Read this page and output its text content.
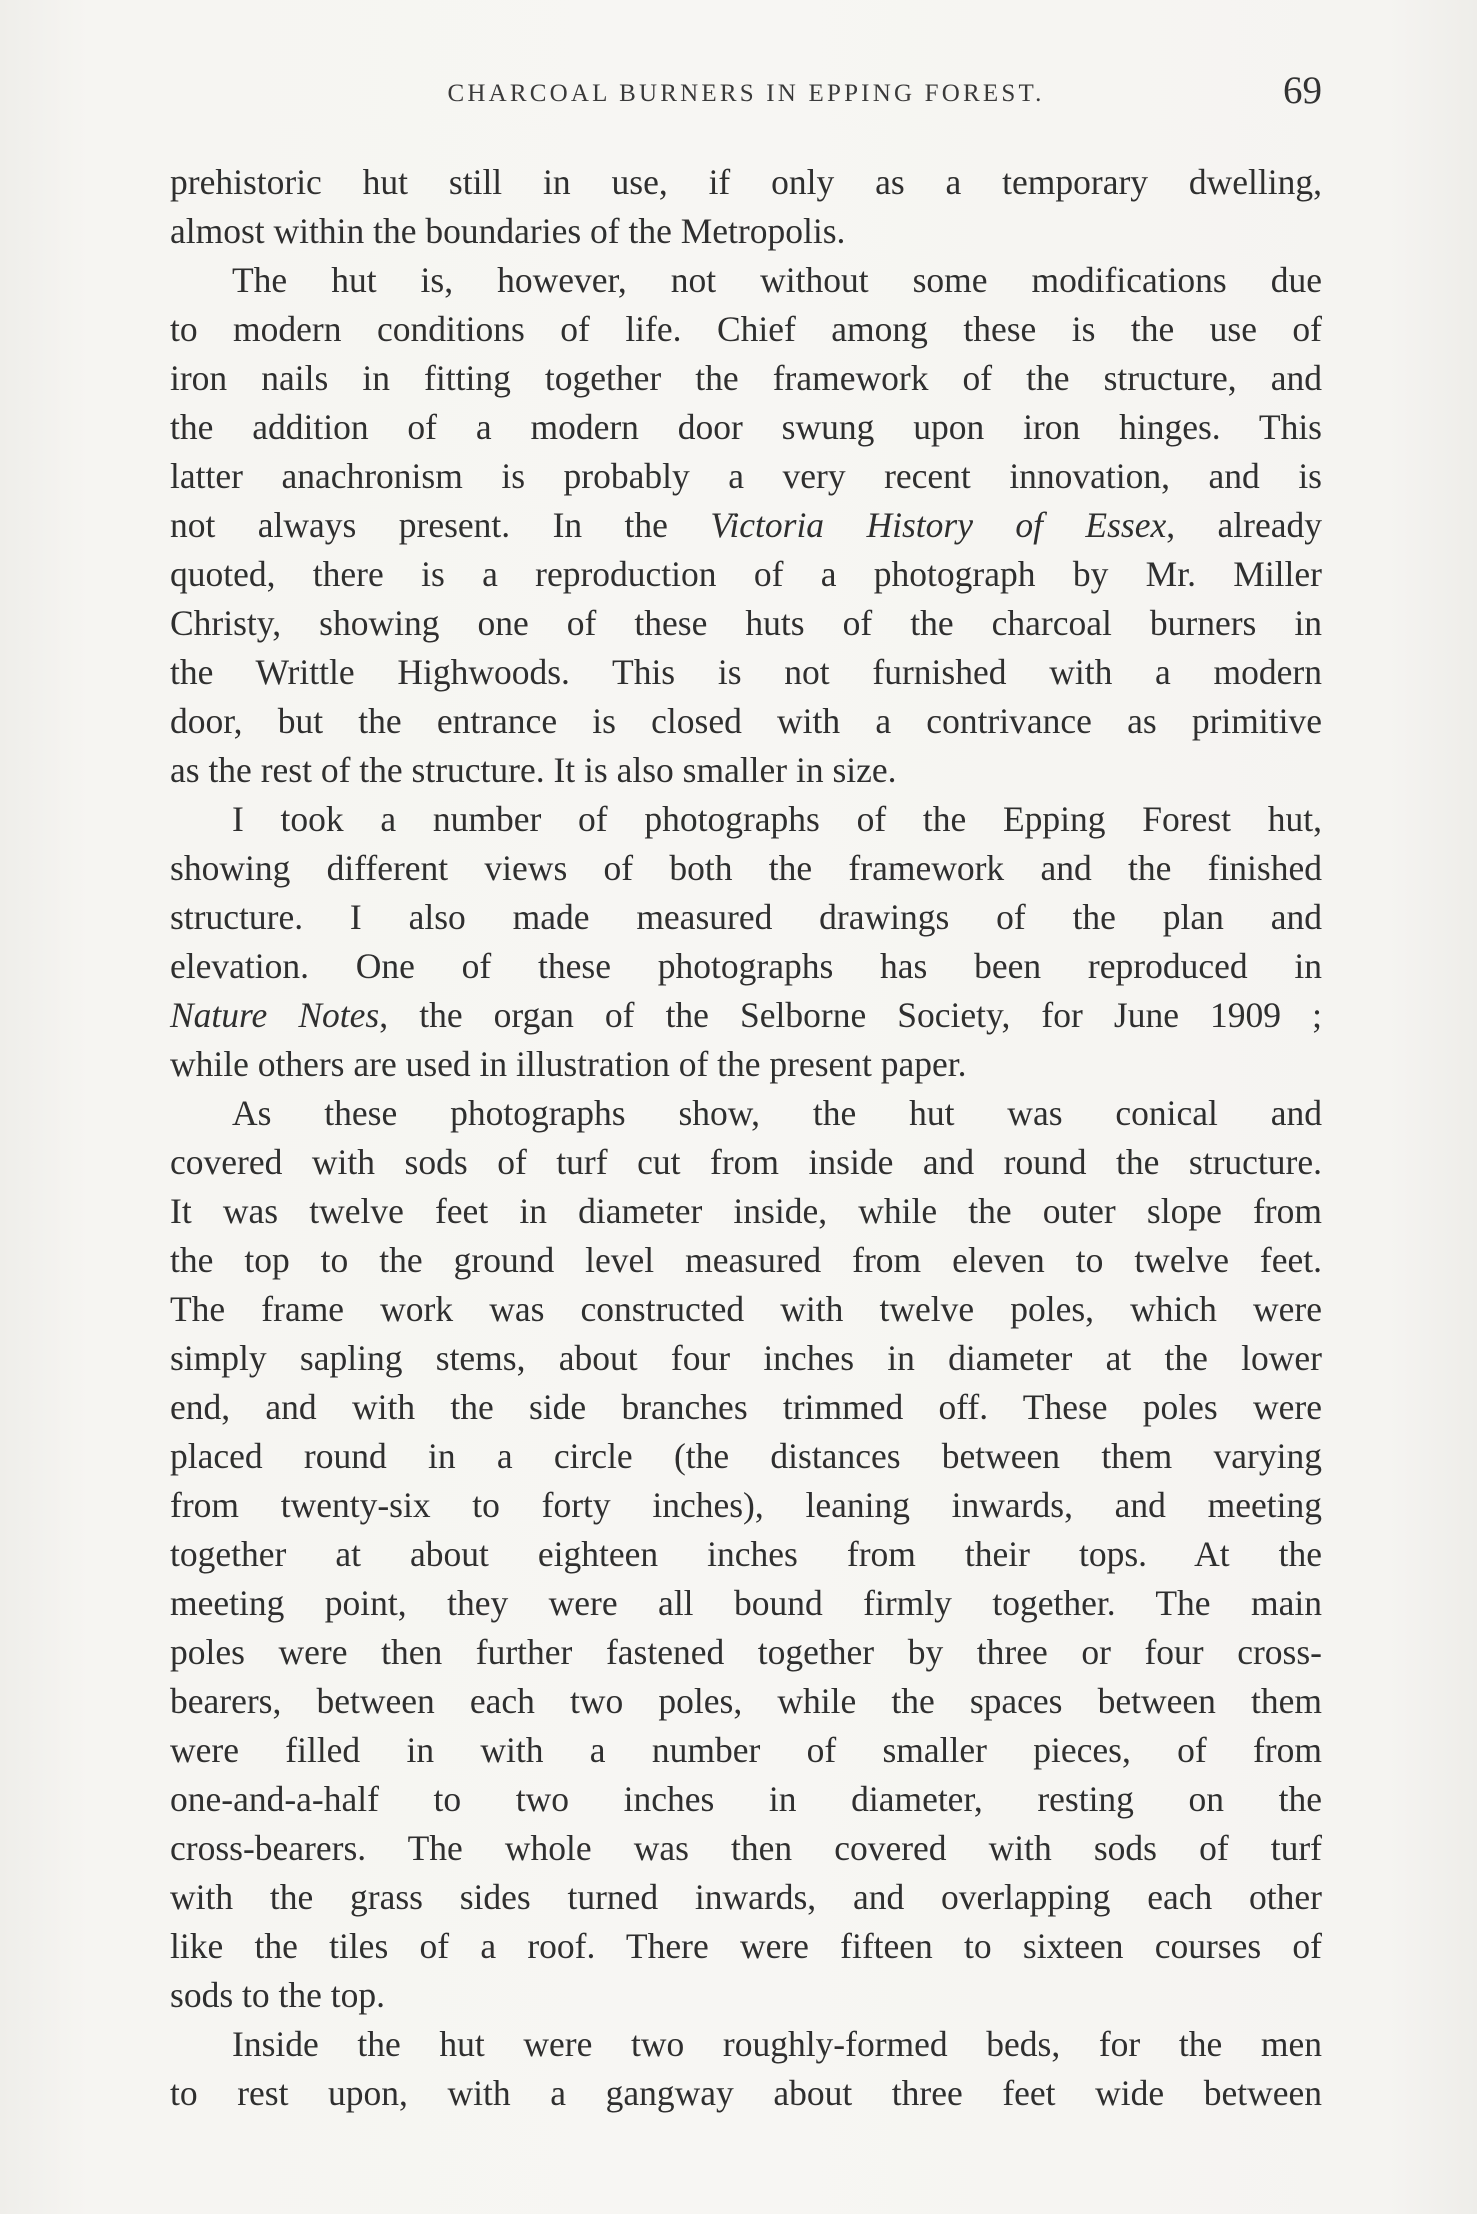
CHARCOAL BURNERS IN EPPING FOREST.	69
prehistoric hut still in use, if only as a temporary dwelling,
almost within the boundaries of the Metropolis.
The hut is, however, not without some modifications due
to modern conditions of life. Chief among these is the use of
iron nails in fitting together the framework of the structure, and
the addition of a modern door swung upon iron hinges. This
latter anachronism is probably a very recent innovation, and is
not always present. In the Victoria History of Essex, already
quoted, there is a reproduction of a photograph by Mr. Miller
Christy, showing one of these huts of the charcoal burners in
the Writtle Highwoods. This is not furnished with a modern
door, but the entrance is closed with a contrivance as primitive
as the rest of the structure. It is also smaller in size.
I took a number of photographs of the Epping Forest hut,
showing different views of both the framework and the finished
structure. I also made measured drawings of the plan and
elevation. One of these photographs has been reproduced in
Nature Notes, the organ of the Selborne Society, for June 1909 ;
while others are used in illustration of the present paper.
As these photographs show, the hut was conical and
covered with sods of turf cut from inside and round the structure.
It was twelve feet in diameter inside, while the outer slope from
the top to the ground level measured from eleven to twelve feet.
The frame work was constructed with twelve poles, which were
simply sapling stems, about four inches in diameter at the lower
end, and with the side branches trimmed off. These poles were
placed round in a circle (the distances between them varying
from twenty-six to forty inches), leaning inwards, and meeting
together at about eighteen inches from their tops. At the
meeting point, they were all bound firmly together. The main
poles were then further fastened together by three or four cross-
bearers, between each two poles, while the spaces between them
were filled in with a number of smaller pieces, of from
one-and-a-half to two inches in diameter, resting on the
cross-bearers. The whole was then covered with sods of turf
with the grass sides turned inwards, and overlapping each other
like the tiles of a roof. There were fifteen to sixteen courses of
sods to the top.
Inside the hut were two roughly-formed beds, for the men
to rest upon, with a gangway about three feet wide between
